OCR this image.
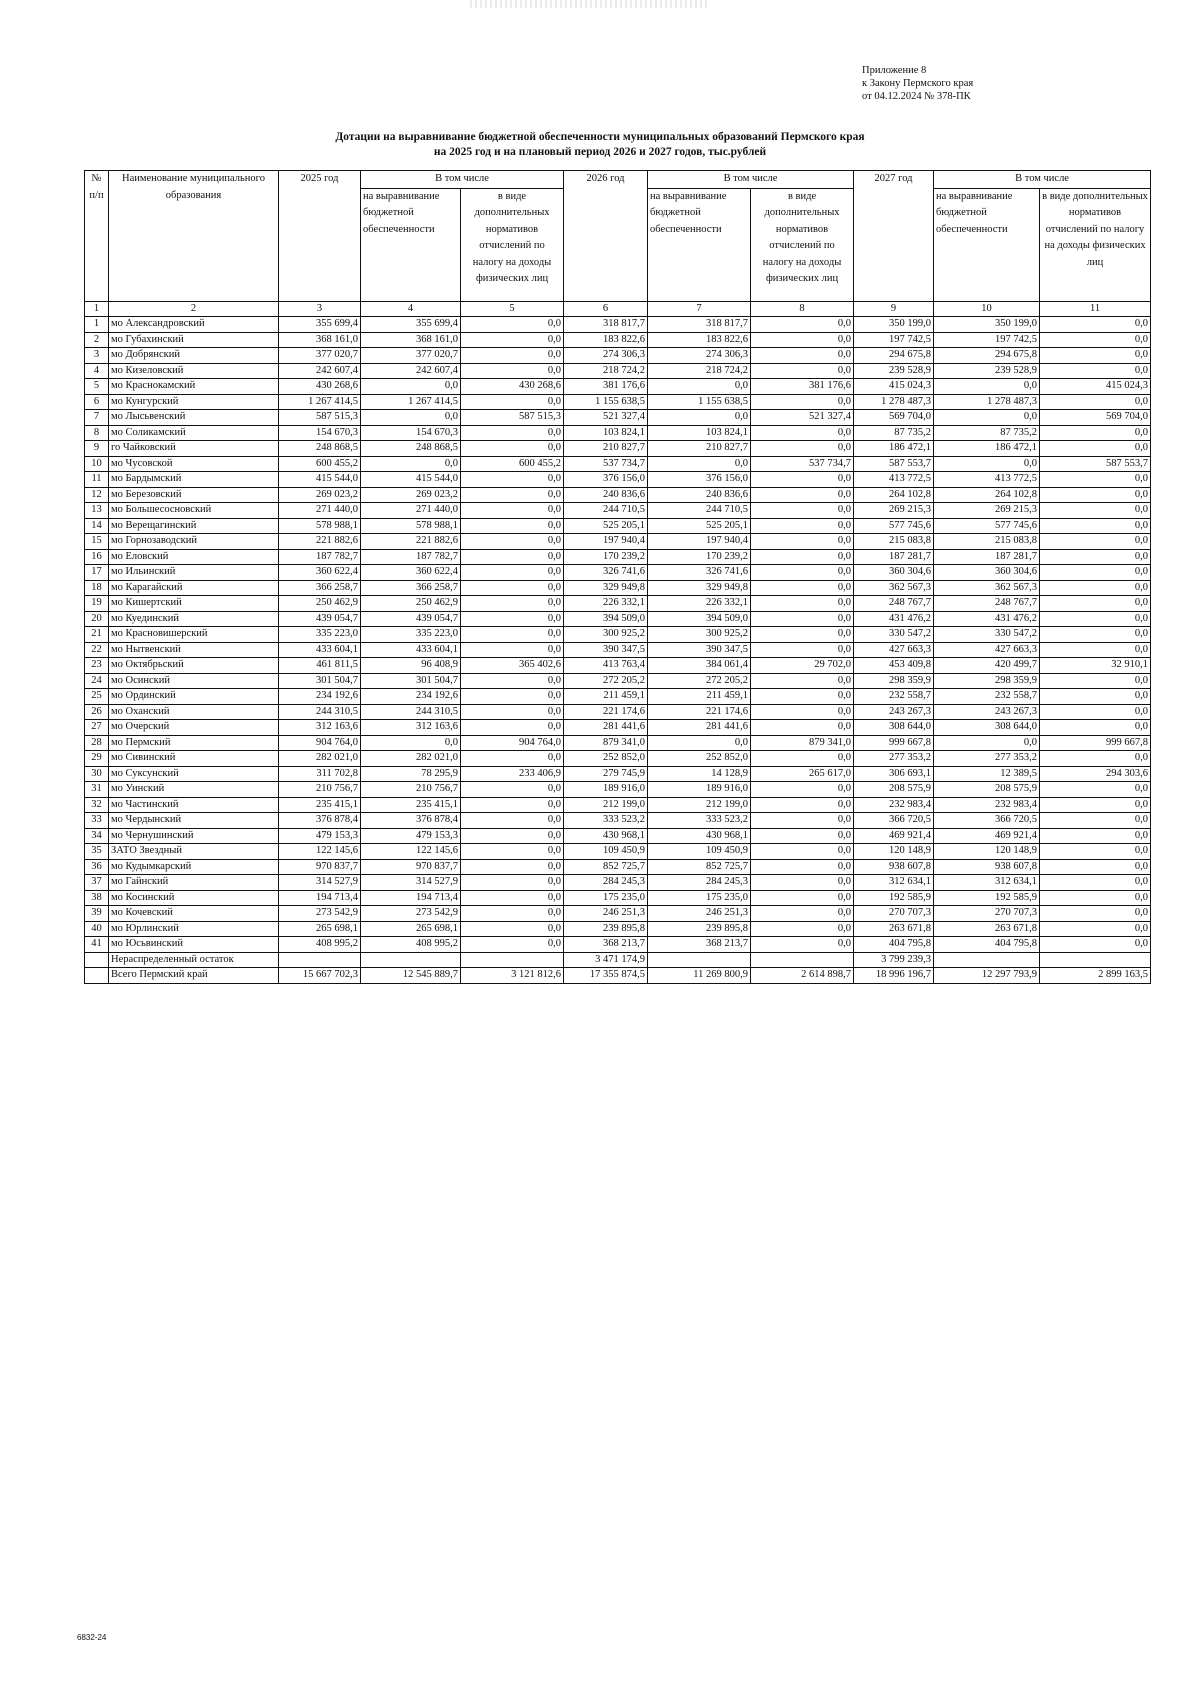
Приложение 8
к Закону Пермского края
от 04.12.2024 № 378-ПК
Дотации на выравнивание бюджетной обеспеченности муниципальных образований Пермского края
на 2025 год и на плановый период 2026 и 2027 годов, тыс.рублей
№ п/п	Наименование муниципального образования	2025 год	В том числе		2026 год	В том числе		2027 год	В том числе	
			на выравнивание бюджетной обеспеченности	в виде дополнительных нормативов отчислений по налогу на доходы физических лиц		на выравнивание бюджетной обеспеченности	в виде дополнительных нормативов отчислений по налогу на доходы физических лиц		на выравнивание бюджетной обеспеченности	в виде дополнительных нормативов отчислений по налогу на доходы физических лиц
1	2	3	4	5	6	7	8	9	10	11
1	мо Александровский	355 699,4	355 699,4	0,0	318 817,7	318 817,7	0,0	350 199,0	350 199,0	0,0
2	мо Губахинский	368 161,0	368 161,0	0,0	183 822,6	183 822,6	0,0	197 742,5	197 742,5	0,0
3	мо Добрянский	377 020,7	377 020,7	0,0	274 306,3	274 306,3	0,0	294 675,8	294 675,8	0,0
4	мо Кизеловский	242 607,4	242 607,4	0,0	218 724,2	218 724,2	0,0	239 528,9	239 528,9	0,0
5	мо Краснокамский	430 268,6	0,0	430 268,6	381 176,6	0,0	381 176,6	415 024,3	0,0	415 024,3
6	мо Кунгурский	1 267 414,5	1 267 414,5	0,0	1 155 638,5	1 155 638,5	0,0	1 278 487,3	1 278 487,3	0,0
7	мо Лысьвенский	587 515,3	0,0	587 515,3	521 327,4	0,0	521 327,4	569 704,0	0,0	569 704,0
8	мо Соликамский	154 670,3	154 670,3	0,0	103 824,1	103 824,1	0,0	87 735,2	87 735,2	0,0
9	го Чайковский	248 868,5	248 868,5	0,0	210 827,7	210 827,7	0,0	186 472,1	186 472,1	0,0
10	мо Чусовской	600 455,2	0,0	600 455,2	537 734,7	0,0	537 734,7	587 553,7	0,0	587 553,7
11	мо Бардымский	415 544,0	415 544,0	0,0	376 156,0	376 156,0	0,0	413 772,5	413 772,5	0,0
12	мо Березовский	269 023,2	269 023,2	0,0	240 836,6	240 836,6	0,0	264 102,8	264 102,8	0,0
13	мо Большесосновский	271 440,0	271 440,0	0,0	244 710,5	244 710,5	0,0	269 215,3	269 215,3	0,0
14	мо Верещагинский	578 988,1	578 988,1	0,0	525 205,1	525 205,1	0,0	577 745,6	577 745,6	0,0
15	мо Горнозаводский	221 882,6	221 882,6	0,0	197 940,4	197 940,4	0,0	215 083,8	215 083,8	0,0
16	мо Еловский	187 782,7	187 782,7	0,0	170 239,2	170 239,2	0,0	187 281,7	187 281,7	0,0
17	мо Ильинский	360 622,4	360 622,4	0,0	326 741,6	326 741,6	0,0	360 304,6	360 304,6	0,0
18	мо Карагайский	366 258,7	366 258,7	0,0	329 949,8	329 949,8	0,0	362 567,3	362 567,3	0,0
19	мо Кишертский	250 462,9	250 462,9	0,0	226 332,1	226 332,1	0,0	248 767,7	248 767,7	0,0
20	мо Куединский	439 054,7	439 054,7	0,0	394 509,0	394 509,0	0,0	431 476,2	431 476,2	0,0
21	мо Красновишерский	335 223,0	335 223,0	0,0	300 925,2	300 925,2	0,0	330 547,2	330 547,2	0,0
22	мо Нытвенский	433 604,1	433 604,1	0,0	390 347,5	390 347,5	0,0	427 663,3	427 663,3	0,0
23	мо Октябрьский	461 811,5	96 408,9	365 402,6	413 763,4	384 061,4	29 702,0	453 409,8	420 499,7	32 910,1
24	мо Осинский	301 504,7	301 504,7	0,0	272 205,2	272 205,2	0,0	298 359,9	298 359,9	0,0
25	мо Ординский	234 192,6	234 192,6	0,0	211 459,1	211 459,1	0,0	232 558,7	232 558,7	0,0
26	мо Оханский	244 310,5	244 310,5	0,0	221 174,6	221 174,6	0,0	243 267,3	243 267,3	0,0
27	мо Очерский	312 163,6	312 163,6	0,0	281 441,6	281 441,6	0,0	308 644,0	308 644,0	0,0
28	мо Пермский	904 764,0	0,0	904 764,0	879 341,0	0,0	879 341,0	999 667,8	0,0	999 667,8
29	мо Сивинский	282 021,0	282 021,0	0,0	252 852,0	252 852,0	0,0	277 353,2	277 353,2	0,0
30	мо Суксунский	311 702,8	78 295,9	233 406,9	279 745,9	14 128,9	265 617,0	306 693,1	12 389,5	294 303,6
31	мо Уинский	210 756,7	210 756,7	0,0	189 916,0	189 916,0	0,0	208 575,9	208 575,9	0,0
32	мо Частинский	235 415,1	235 415,1	0,0	212 199,0	212 199,0	0,0	232 983,4	232 983,4	0,0
33	мо Чердынский	376 878,4	376 878,4	0,0	333 523,2	333 523,2	0,0	366 720,5	366 720,5	0,0
34	мо Чернушинский	479 153,3	479 153,3	0,0	430 968,1	430 968,1	0,0	469 921,4	469 921,4	0,0
35	ЗАТО Звездный	122 145,6	122 145,6	0,0	109 450,9	109 450,9	0,0	120 148,9	120 148,9	0,0
36	мо Кудымкарский	970 837,7	970 837,7	0,0	852 725,7	852 725,7	0,0	938 607,8	938 607,8	0,0
37	мо Гайнский	314 527,9	314 527,9	0,0	284 245,3	284 245,3	0,0	312 634,1	312 634,1	0,0
38	мо Косинский	194 713,4	194 713,4	0,0	175 235,0	175 235,0	0,0	192 585,9	192 585,9	0,0
39	мо Кочевский	273 542,9	273 542,9	0,0	246 251,3	246 251,3	0,0	270 707,3	270 707,3	0,0
40	мо Юрлинский	265 698,1	265 698,1	0,0	239 895,8	239 895,8	0,0	263 671,8	263 671,8	0,0
41	мо Юсьвинский	408 995,2	408 995,2	0,0	368 213,7	368 213,7	0,0	404 795,8	404 795,8	0,0
	Нераспределенный остаток				3 471 174,9			3 799 239,3		
	Всего Пермский край	15 667 702,3	12 545 889,7	3 121 812,6	17 355 874,5	11 269 800,9	2 614 898,7	18 996 196,7	12 297 793,9	2 899 163,5
6832-24
